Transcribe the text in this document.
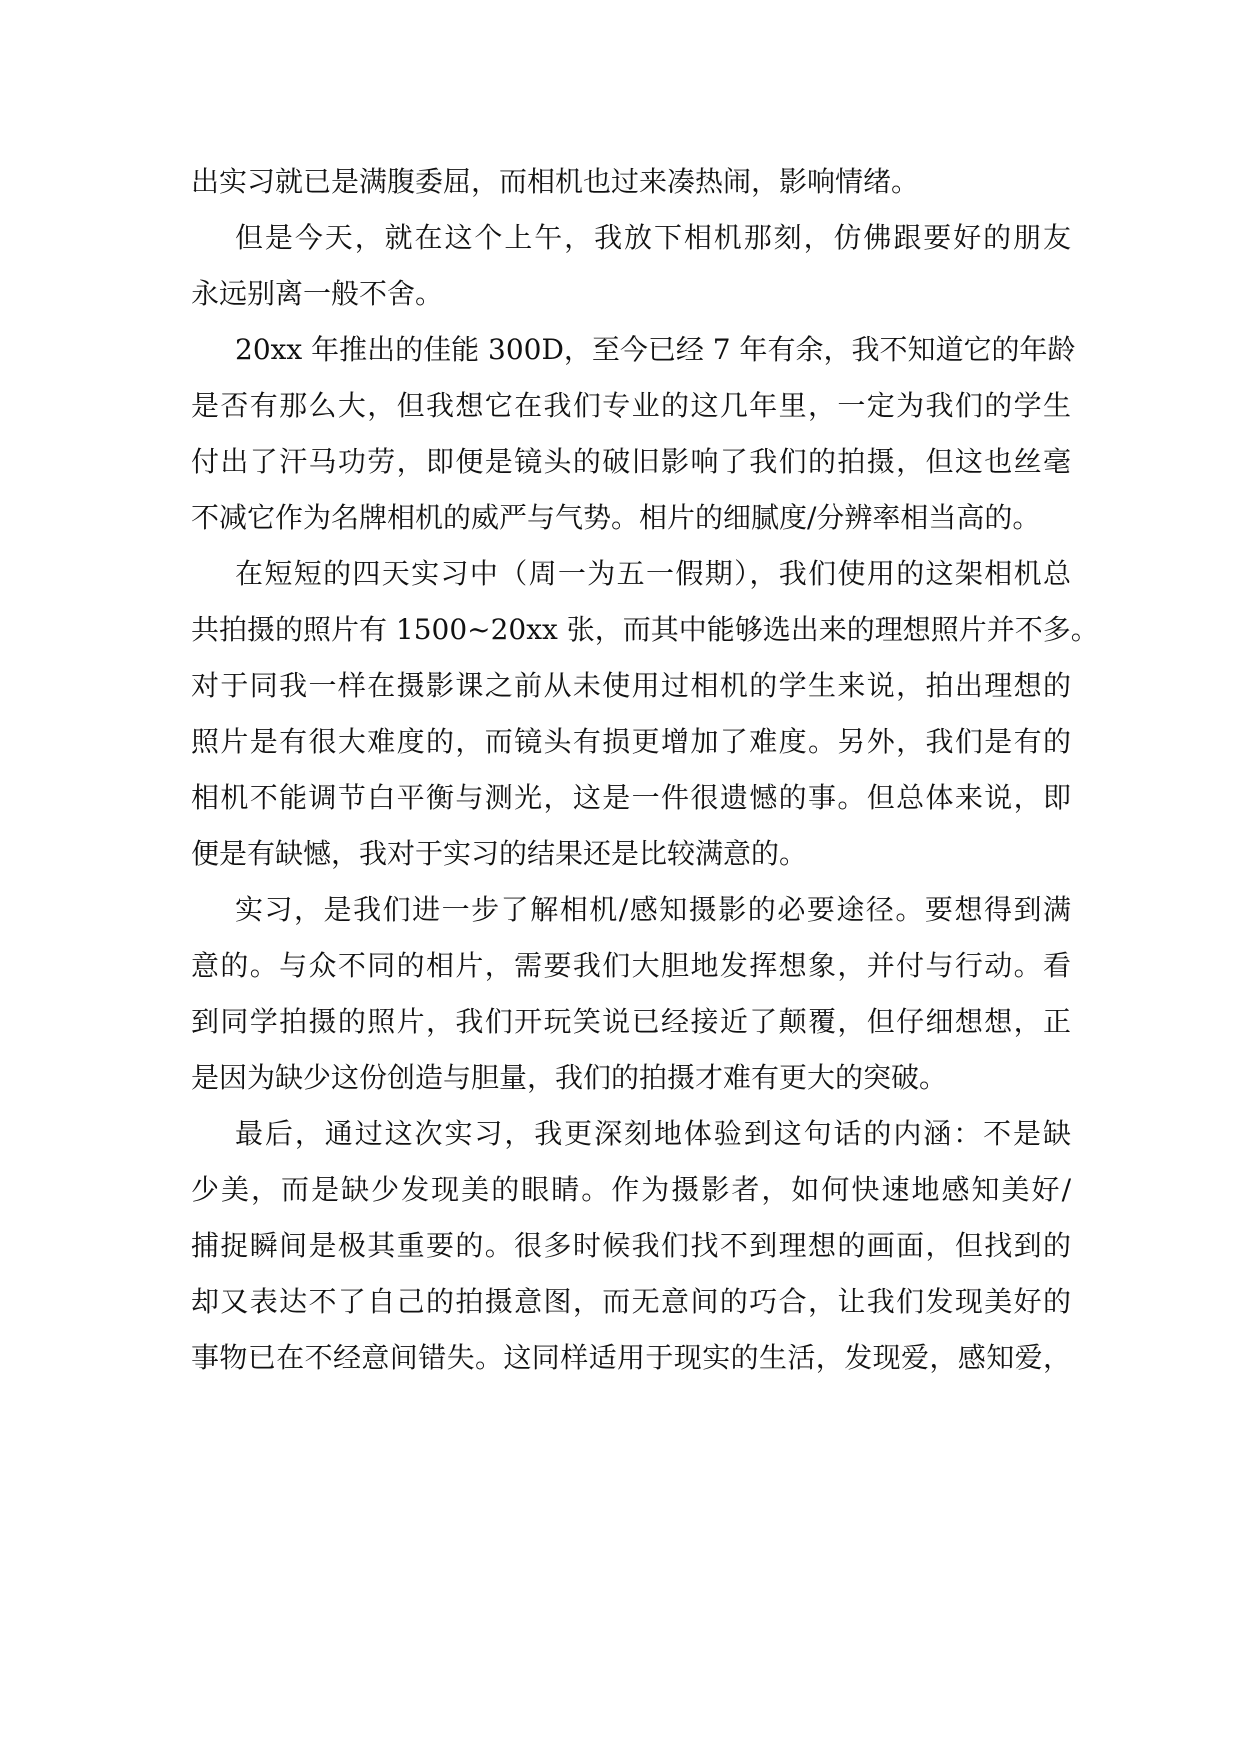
出实习就已是满腹委屈，而相机也过来凑热闹，影响情绪。
但是今天，就在这个上午，我放下相机那刻，仿佛跟要好的朋友
永远别离一般不舍。
20xx 年推出的佳能 300D，至今已经 7 年有余，我不知道它的年龄
是否有那么大，但我想它在我们专业的这几年里，一定为我们的学生
付出了汗马功劳，即便是镜头的破旧影响了我们的拍摄，但这也丝毫
不减它作为名牌相机的威严与气势。相片的细腻度/分辨率相当高的。
在短短的四天实习中（周一为五一假期），我们使用的这架相机总
共拍摄的照片有 1500~20xx 张，而其中能够选出来的理想照片并不多。
对于同我一样在摄影课之前从未使用过相机的学生来说，拍出理想的
照片是有很大难度的，而镜头有损更增加了难度。另外，我们是有的
相机不能调节白平衡与测光，这是一件很遗憾的事。但总体来说，即
便是有缺憾，我对于实习的结果还是比较满意的。
实习，是我们进一步了解相机/感知摄影的必要途径。要想得到满
意的。与众不同的相片，需要我们大胆地发挥想象，并付与行动。看
到同学拍摄的照片，我们开玩笑说已经接近了颠覆，但仔细想想，正
是因为缺少这份创造与胆量，我们的拍摄才难有更大的突破。
最后，通过这次实习，我更深刻地体验到这句话的内涵：不是缺
少美，而是缺少发现美的眼睛。作为摄影者，如何快速地感知美好/
捕捉瞬间是极其重要的。很多时候我们找不到理想的画面，但找到的
却又表达不了自己的拍摄意图，而无意间的巧合，让我们发现美好的
事物已在不经意间错失。这同样适用于现实的生活，发现爱，感知爱，
